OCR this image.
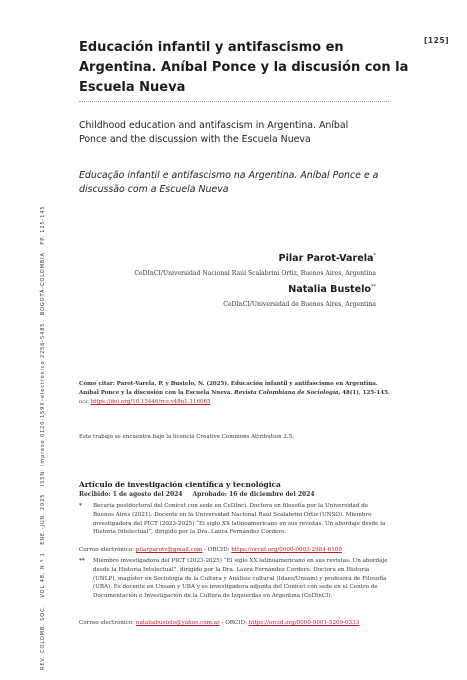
REV. COLOMB. SOC.   VOL.48, N.º 1   ENE.-JUN. 2025   ISSN: impreso 0120-159X–electrónico 2256-5485   BOGOTÁ-COLOMBIA   PP. 125-145
[125]
Educación infantil y antifascismo en Argentina. Aníbal Ponce y la discusión con la Escuela Nueva
Childhood education and antifascism in Argentina. Aníbal Ponce and the discussion with the Escuela Nueva
Educação infantil e antifascismo na Argentina. Aníbal Ponce e a discussão com a Escuela Nueva
Pilar Parot-Varela*
CeDInCI/Universidad Nacional Raúl Scalabrini Ortiz, Buenos Aires, Argentina
Natalia Bustelo**
CeDInCI/Universidad de Buenos Aires, Argentina
Cómo citar: Parot-Varela, P. y Bustelo, N. (2025). Educación infantil y antifascismo en Argentina. Aníbal Ponce y la discusión con la Escuela Nueva. Revista Colombiana de Sociología, 48(1), 125-145. doi: https://doi.org/10.15446/rcs.v48n1.116065
Este trabajo se encuentra bajo la licencia Creative Commons Attribution 2.5.
Artículo de investigación científica y tecnológica
Recibido: 1 de agosto del 2024 Aprobado: 16 de diciembre del 2024
*	Becaria postdoctoral del Conicet con sede en CeDInci. Doctora en filosofía por la Universidad de Buenos Aires (2021). Docente en la Universidad Nacional Raúl Scalabrini Ortiz (UNSO). Miembro investigadora del PICT (2023-2025) “El siglo XX latinoamericano en sus revistas. Un abordaje desde la Historia Intelectual”, dirigido por la Dra. Laura Fernández Cordero.
Correo electrónico: pilarparotv@gmail.com - ORCID: https://orcid.org/0000-0003-2984-6109
**	Miembro investigadora del PICT (2023-2025) “El siglo XX latinoamericano en sus revistas. Un abordaje desde la Historia Intelectual”, dirigido por la Dra. Laura Fernández Cordero. Doctora en Historia (UNLP), magíster en Sociología de la Cultura y Análisis cultural (Idaes/Unsam) y profesora de Filosofía (UBA). Es docente en Unsam y UBA y es investigadora adjunta del Conicet con sede en el Centro de Documentación e Investigación de la Cultura de Izquierdas en Argentina (CeDInCI).
Correo electrónico: nataliabustelo@yahoo.com.ar - ORCID: https://orcid.org/0000-0001-5209-0333
